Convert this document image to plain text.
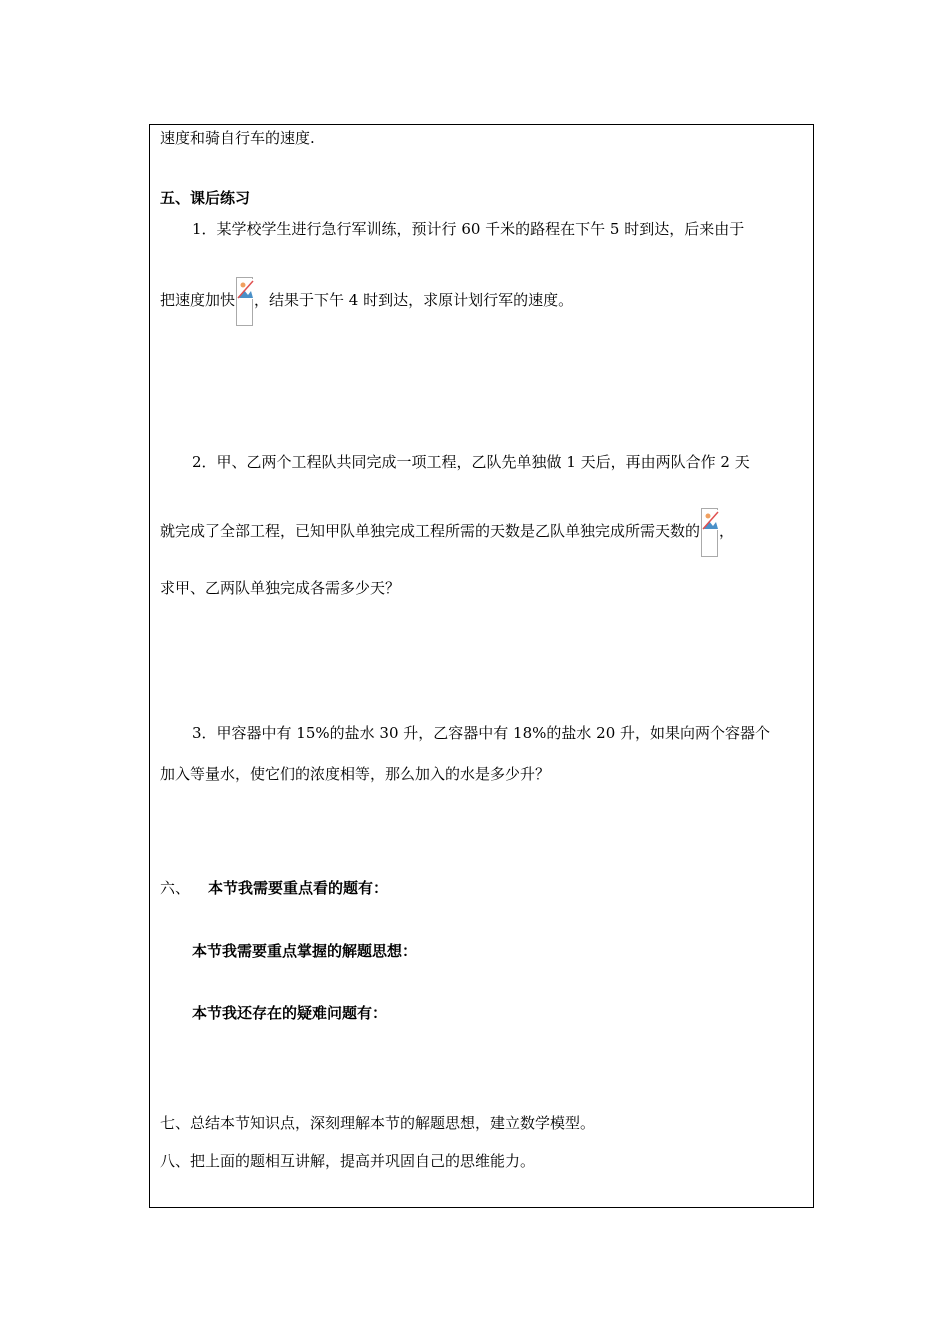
速度和骑自行车的速度.
五、课后练习
1．某学校学生进行急行军训练，预计行 60 千米的路程在下午 5 时到达，后来由于
把速度加快 ，结果于下午 4 时到达，求原计划行军的速度。
2．甲、乙两个工程队共同完成一项工程，乙队先单独做 1 天后，再由两队合作 2 天
就完成了全部工程，已知甲队单独完成工程所需的天数是乙队单独完成所需天数的 ，
求甲、乙两队单独完成各需多少天？
3．甲容器中有 15%的盐水 30 升，乙容器中有 18%的盐水 20 升，如果向两个容器个
加入等量水，使它们的浓度相等，那么加入的水是多少升？
六、 本节我需要重点看的题有：
本节我需要重点掌握的解题思想：
本节我还存在的疑难问题有：
七、总结本节知识点，深刻理解本节的解题思想，建立数学模型。
八、把上面的题相互讲解，提高并巩固自己的思维能力。
